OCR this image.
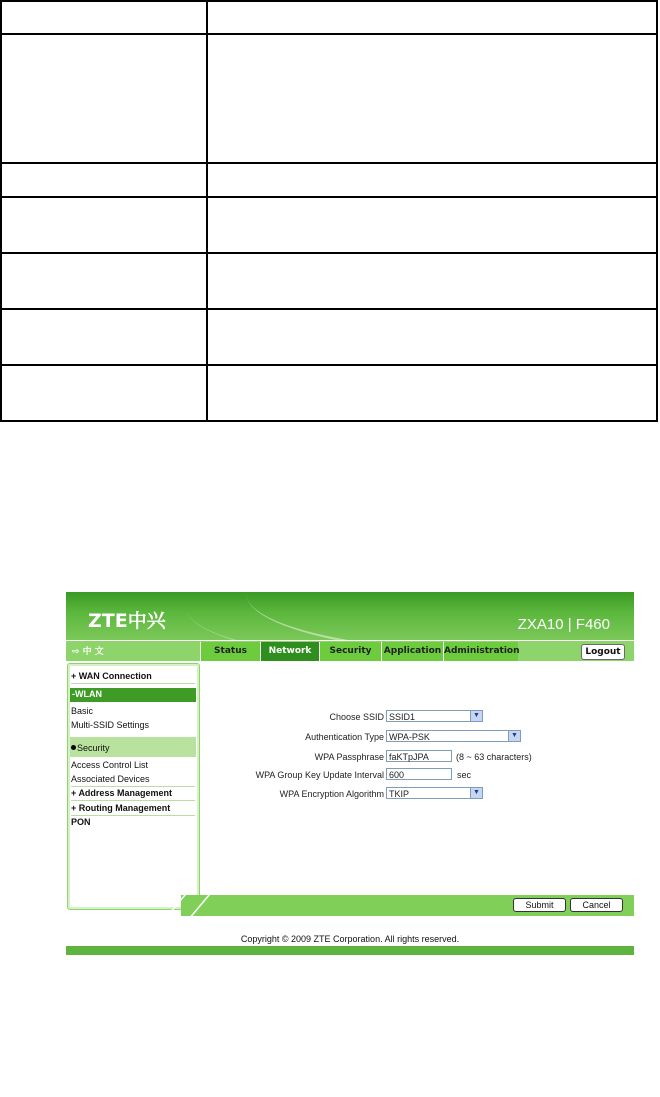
ZTE中兴	ZXA10 | F460
⇨ 中 文	Status	Network	Security	Application Administration	Logout
+ WAN Connection
-WLAN
Basic
Multi-SSID Settings
Security
Access Control List
Associated Devices
+ Address Management
+ Routing Management
PON
Choose SSID SSID1	▼
Authentication Type WPA-PSK	▼
WPA Passphrase faKTpJPA	(8 ~ 63 characters)
WPA Group Key Update Interval 600	sec
WPA Encryption Algorithm TKIP	▼
Submit	Cancel
Copyright © 2009 ZTE Corporation. All rights reserved.
